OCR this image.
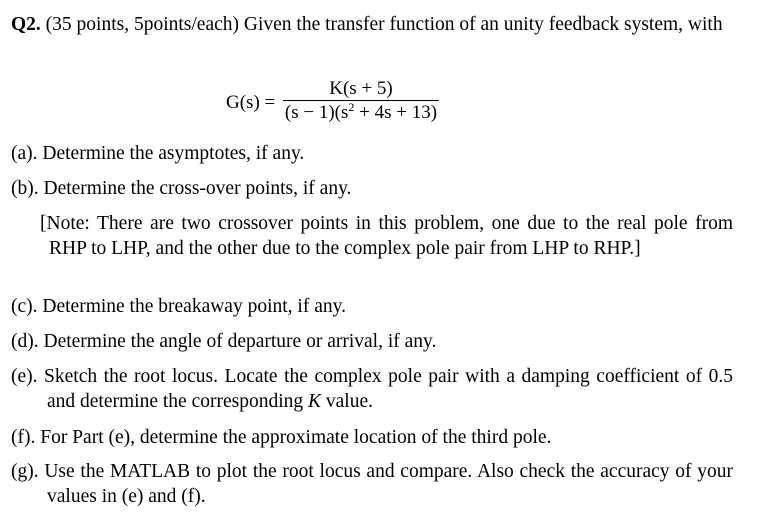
Q2. (35 points, 5points/each) Given the transfer function of an unity feedback system, with
G(s) =
K(s + 5)
$(s - 1)(s^2 + 4s + 13)$
(a). Determine the asymptotes, if any.
(b). Determine the cross-over points, if any.
[Note: There are two crossover points in this problem, one due to the real pole from RHP to LHP, and the other due to the complex pole pair from LHP to RHP.]
(c). Determine the breakaway point, if any.
(d). Determine the angle of departure or arrival, if any.
(e). Sketch the root locus. Locate the complex pole pair with a damping coefficient of 0.5 and determine the corresponding K value.
(f). For Part (e), determine the approximate location of the third pole.
(g). Use the MATLAB to plot the root locus and compare. Also check the accuracy of your values in (e) and (f).
